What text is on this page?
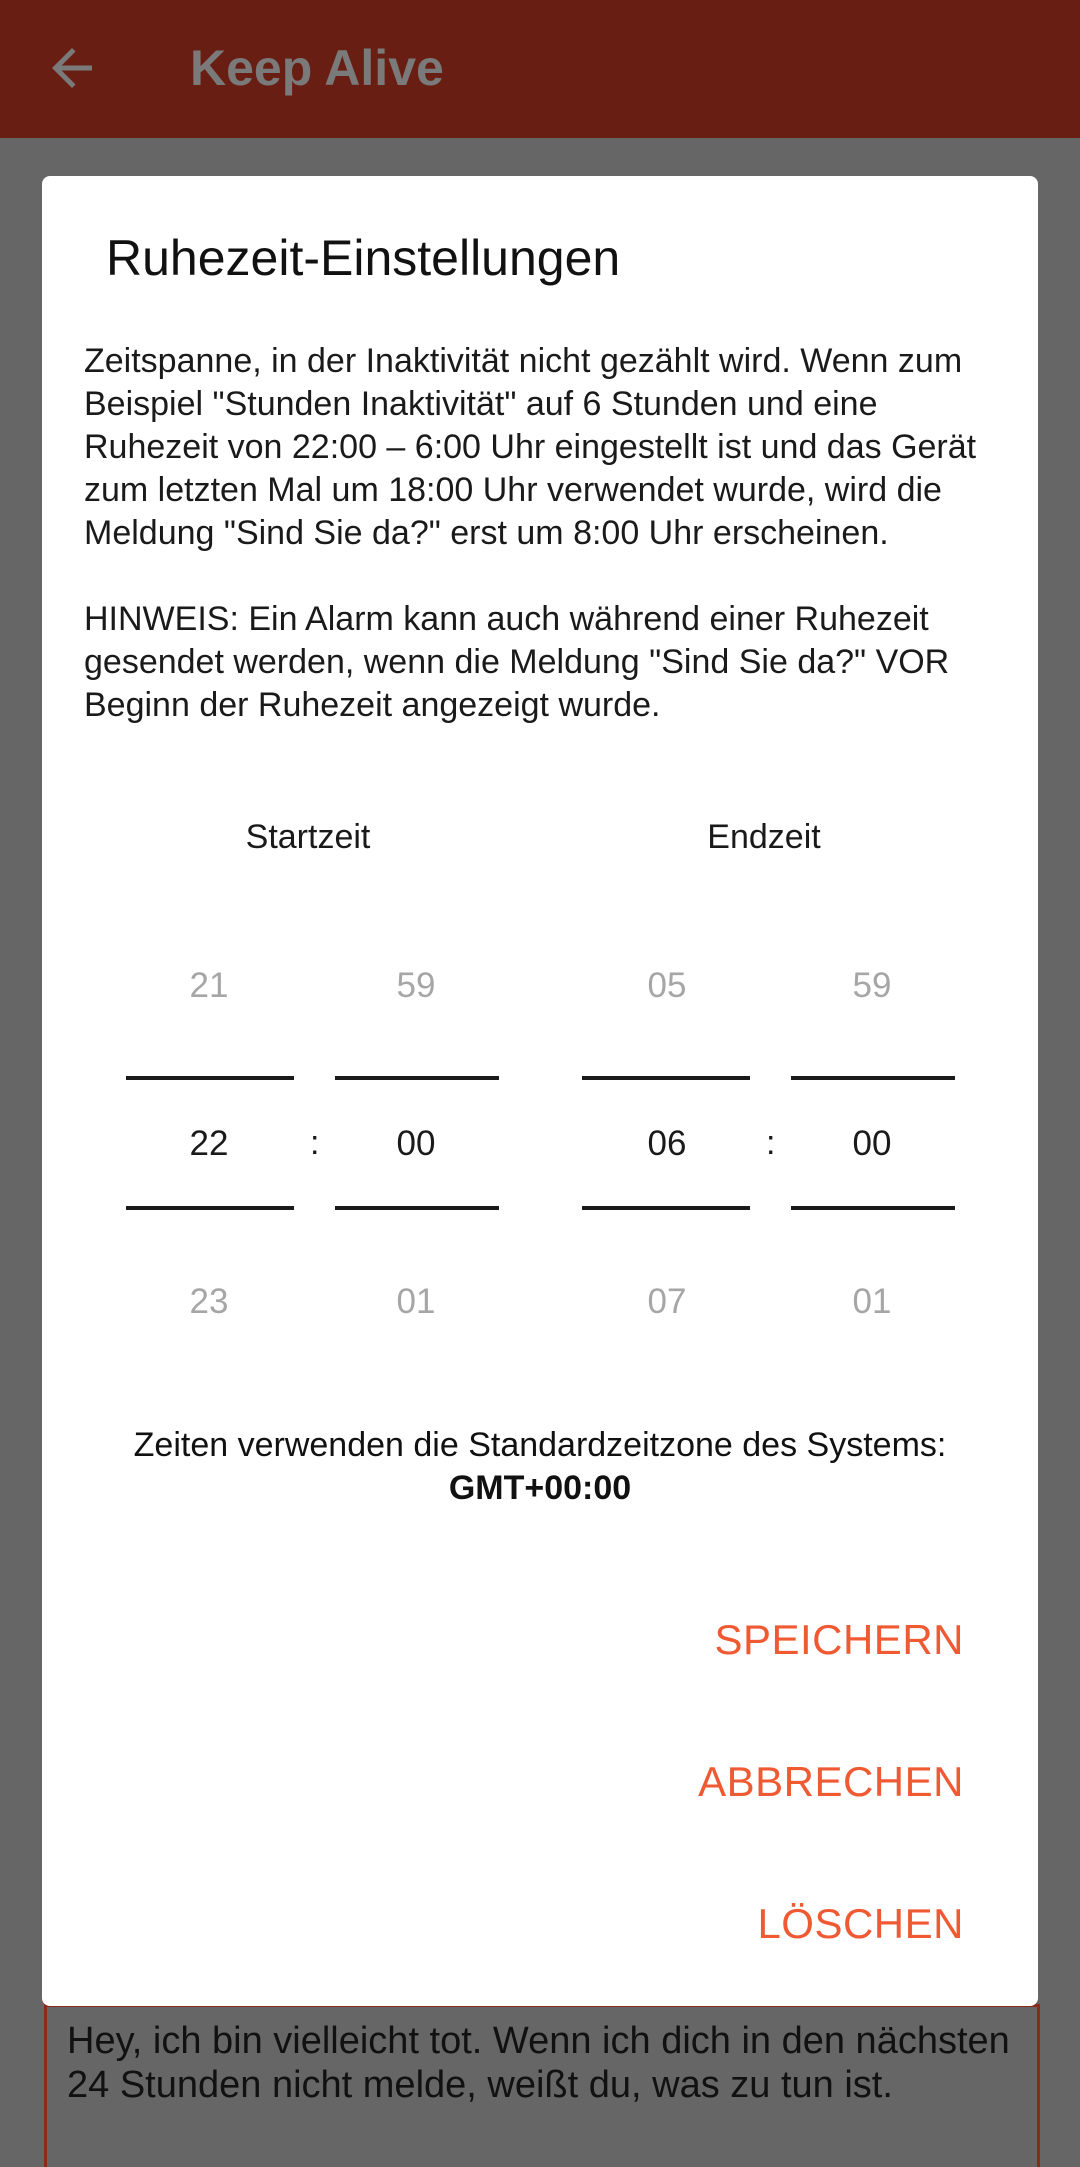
Keep Alive
Hey, ich bin vielleicht tot. Wenn ich dich in den nächsten 24 Stunden nicht melde, weißt du, was zu tun ist.
Ruhezeit-Einstellungen
Zeitspanne, in der Inaktivität nicht gezählt wird. Wenn zum Beispiel "Stunden Inaktivität" auf 6 Stunden und eine Ruhezeit von 22:00 – 6:00 Uhr eingestellt ist und das Gerät zum letzten Mal um 18:00 Uhr verwendet wurde, wird die Meldung "Sind Sie da?" erst um 8:00 Uhr erscheinen.

HINWEIS: Ein Alarm kann auch während einer Ruhezeit gesendet werden, wenn die Meldung "Sind Sie da?" VOR Beginn der Ruhezeit angezeigt wurde.
Startzeit	Endzeit
21
22
23
:
59
00
01
05
06
07
:
59
00
01
Zeiten verwenden die Standardzeitzone des Systems:
GMT+00:00
SPEICHERN
ABBRECHEN
LÖSCHEN
